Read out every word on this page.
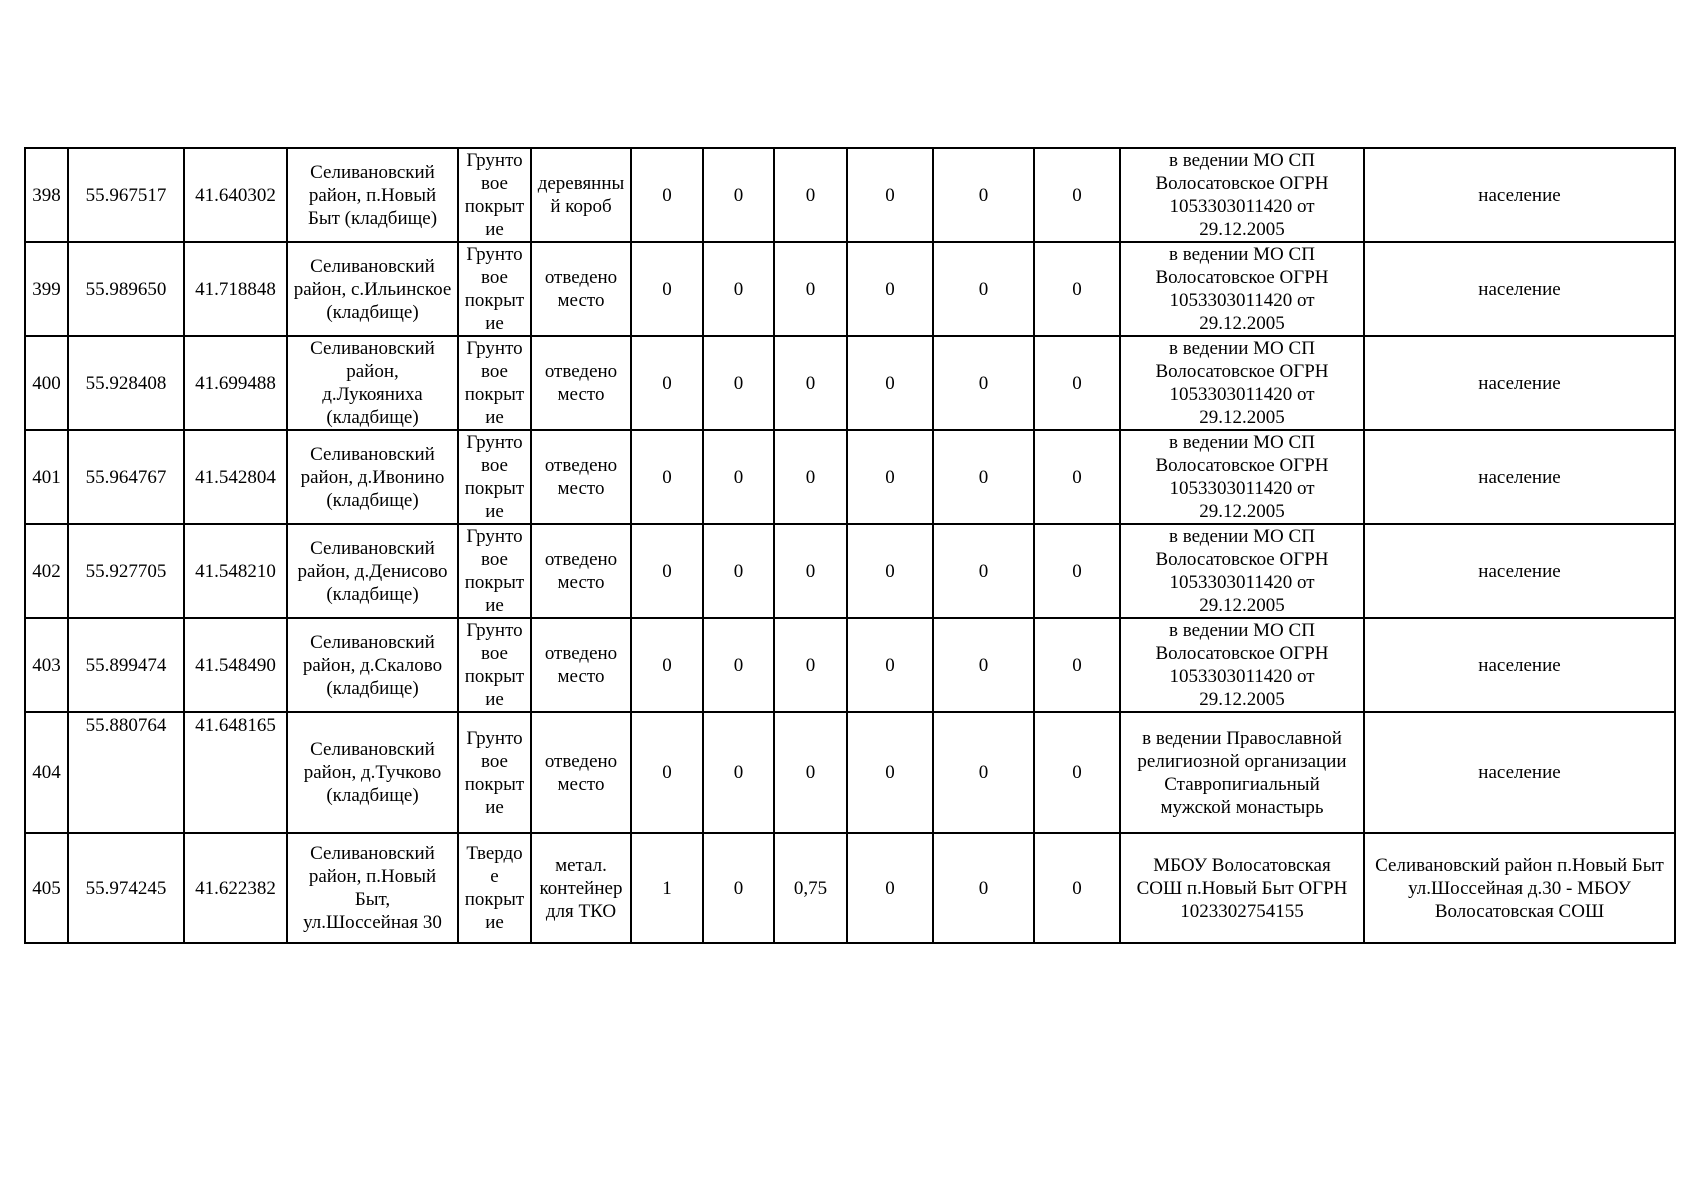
398	55.967517	41.640302	Селивановский
район, п.Новый
Быт (кладбище)	Грунто
вое
покрыт
ие	деревянны
й короб	0	0	0	0	0	0	в ведении МО СП
Волосатовское ОГРН
1053303011420 от
29.12.2005	население
399	55.989650	41.718848	Селивановский
район, с.Ильинское
(кладбище)	Грунто
вое
покрыт
ие	отведено
место	0	0	0	0	0	0	в ведении МО СП
Волосатовское ОГРН
1053303011420 от
29.12.2005	население
400	55.928408	41.699488	Селивановский
район,
д.Лукояниха
(кладбище)	Грунто
вое
покрыт
ие	отведено
место	0	0	0	0	0	0	в ведении МО СП
Волосатовское ОГРН
1053303011420 от
29.12.2005	население
401	55.964767	41.542804	Селивановский
район, д.Ивонино
(кладбище)	Грунто
вое
покрыт
ие	отведено
место	0	0	0	0	0	0	в ведении МО СП
Волосатовское ОГРН
1053303011420 от
29.12.2005	население
402	55.927705	41.548210	Селивановский
район, д.Денисово
(кладбище)	Грунто
вое
покрыт
ие	отведено
место	0	0	0	0	0	0	в ведении МО СП
Волосатовское ОГРН
1053303011420 от
29.12.2005	население
403	55.899474	41.548490	Селивановский
район, д.Скалово
(кладбище)	Грунто
вое
покрыт
ие	отведено
место	0	0	0	0	0	0	в ведении МО СП
Волосатовское ОГРН
1053303011420 от
29.12.2005	население
404	55.880764	41.648165	Селивановский
район, д.Тучково
(кладбище)	Грунто
вое
покрыт
ие	отведено
место	0	0	0	0	0	0	в ведении Православной
религиозной организации
Ставропигиальный
мужской монастырь	население
405	55.974245	41.622382	Селивановский
район, п.Новый
Быт,
ул.Шоссейная 30	Твердо
е
покрыт
ие	метал.
контейнер
для ТКО	1	0	0,75	0	0	0	МБОУ Волосатовская
СОШ п.Новый Быт ОГРН
1023302754155	Селивановский район п.Новый Быт
ул.Шоссейная д.30 - МБОУ
Волосатовская СОШ
